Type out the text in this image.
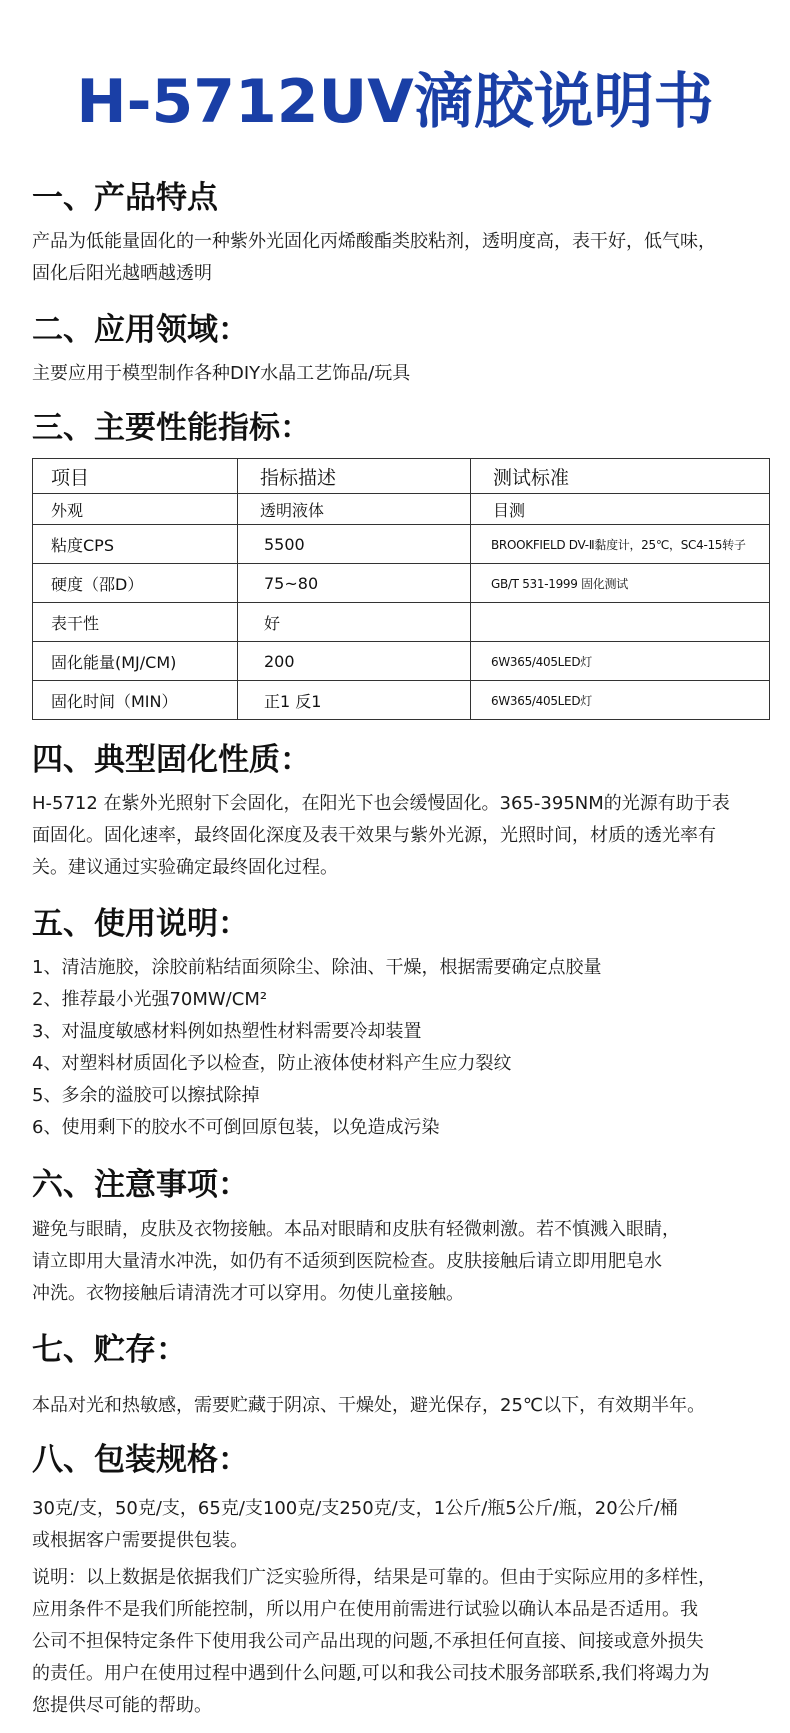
H-5712UV滴胶说明书
一、产品特点
产品为低能量固化的一种紫外光固化丙烯酸酯类胶粘剂，透明度高，表干好，低气味，
固化后阳光越晒越透明
二、应用领域：
主要应用于模型制作各种DIY水晶工艺饰品/玩具
三、主要性能指标：
项目	指标描述	测试标准
外观	透明液体	目测
粘度CPS	5500	BROOKFIELD DV-Ⅱ黏度计，25℃，SC4-15转子
硬度（邵D）	75~80	GB/T 531-1999 固化测试
表干性	好	
固化能量(MJ/CM)	200	6W365/405LED灯
固化时间（MIN）	正1 反1	6W365/405LED灯
四、典型固化性质：
H-5712 在紫外光照射下会固化，在阳光下也会缓慢固化。365-395NM的光源有助于表
面固化。固化速率，最终固化深度及表干效果与紫外光源，光照时间，材质的透光率有
关。建议通过实验确定最终固化过程。
五、使用说明：
1、清洁施胶，涂胶前粘结面须除尘、除油、干燥，根据需要确定点胶量
2、推荐最小光强70MW/CM²
3、对温度敏感材料例如热塑性材料需要冷却装置
4、对塑料材质固化予以检查，防止液体使材料产生应力裂纹
5、多余的溢胶可以擦拭除掉
6、使用剩下的胶水不可倒回原包装，以免造成污染
六、注意事项：
避免与眼睛，皮肤及衣物接触。本品对眼睛和皮肤有轻微刺激。若不慎溅入眼睛，
请立即用大量清水冲洗，如仍有不适须到医院检查。皮肤接触后请立即用肥皂水
冲洗。衣物接触后请清洗才可以穿用。勿使儿童接触。
七、贮存：
本品对光和热敏感，需要贮藏于阴凉、干燥处，避光保存，25℃以下，有效期半年。
八、包装规格：
30克/支，50克/支，65克/支100克/支250克/支，1公斤/瓶5公斤/瓶，20公斤/桶
或根据客户需要提供包装。
说明：以上数据是依据我们广泛实验所得，结果是可靠的。但由于实际应用的多样性，
应用条件不是我们所能控制，所以用户在使用前需进行试验以确认本品是否适用。我
公司不担保特定条件下使用我公司产品出现的问题,不承担任何直接、间接或意外损失
的责任。用户在使用过程中遇到什么问题,可以和我公司技术服务部联系,我们将竭力为
您提供尽可能的帮助。
